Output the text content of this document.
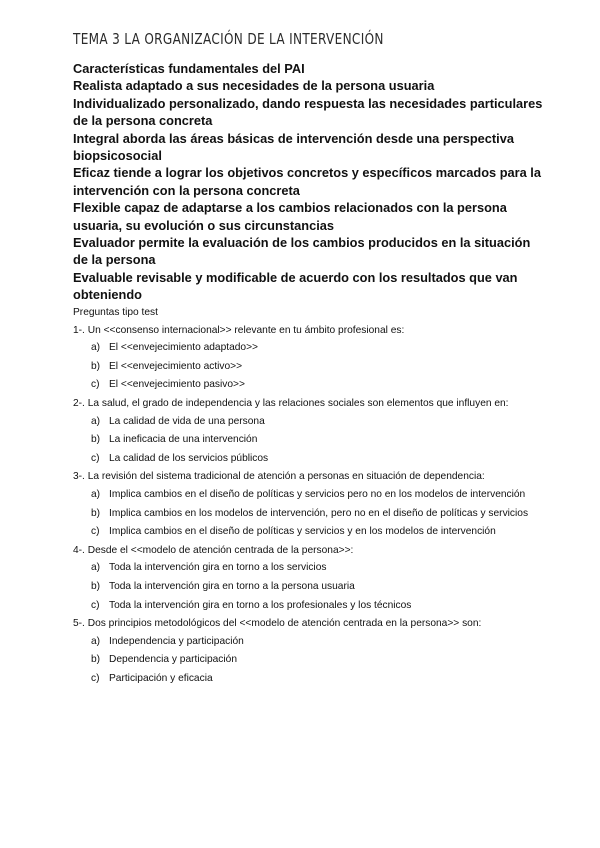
TEMA 3 LA ORGANIZACIÓN DE LA INTERVENCIÓN
Características fundamentales del PAI
Realista adaptado a sus necesidades de la persona usuaria
Individualizado personalizado, dando respuesta las necesidades particulares de la persona concreta
Integral aborda las áreas básicas de intervención desde una perspectiva biopsicosocial
Eficaz tiende a lograr los objetivos concretos y específicos marcados para la intervención con la persona concreta
Flexible capaz de adaptarse a los cambios relacionados con la persona usuaria, su evolución o sus circunstancias
Evaluador permite la evaluación de los cambios producidos en la situación de la persona
Evaluable revisable y modificable de acuerdo con los resultados que van obteniendo
Preguntas tipo test
1-. Un <<consenso internacional>> relevante en tu ámbito profesional es:
a) El <<envejecimiento adaptado>>
b) El <<envejecimiento activo>>
c) El <<envejecimiento pasivo>>
2-. La salud, el grado de independencia y las relaciones sociales son elementos que influyen en:
a) La calidad de vida de una persona
b) La ineficacia de una intervención
c) La calidad de los servicios públicos
3-. La revisión del sistema tradicional de atención a personas en situación de dependencia:
a) Implica cambios en el diseño de políticas y servicios pero no en los modelos de intervención
b) Implica cambios en los modelos de intervención, pero no en el diseño de políticas y servicios
c) Implica cambios en el diseño de políticas y servicios y en los modelos de intervención
4-. Desde el <<modelo de atención centrada de la persona>>:
a) Toda la intervención gira en torno a los servicios
b) Toda la intervención gira en torno a la persona usuaria
c) Toda la intervención gira en torno a los profesionales y los técnicos
5-. Dos principios metodológicos del <<modelo de atención centrada en la persona>> son:
a) Independencia y participación
b) Dependencia y participación
c) Participación y eficacia
